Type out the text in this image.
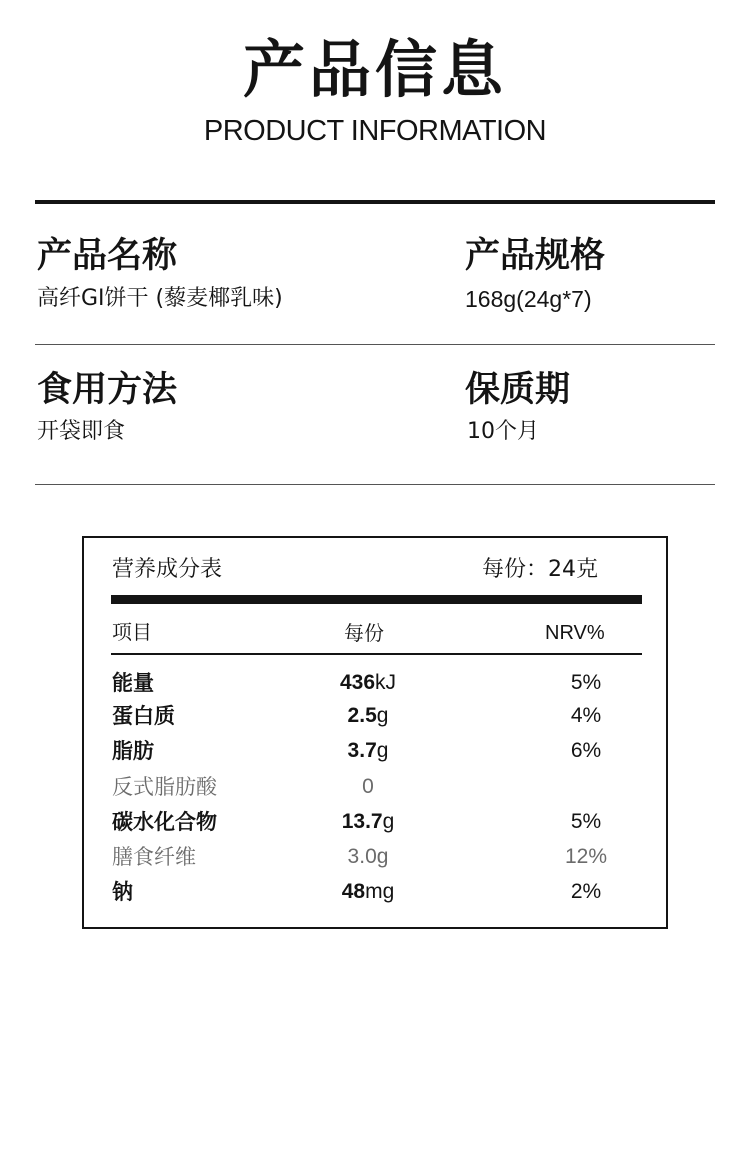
产品信息
PRODUCT INFORMATION
产品名称
高纤GI饼干 (藜麦椰乳味)
产品规格
168g(24g*7)
食用方法
开袋即食
保质期
10个月
营养成分表	每份：24克
项目	每份	NRV%
能量	436kJ	5%
蛋白质	2.5g	4%
脂肪	3.7g	6%
反式脂肪酸	0
碳水化合物	13.7g	5%
膳食纤维	3.0g	12%
钠	48mg	2%
